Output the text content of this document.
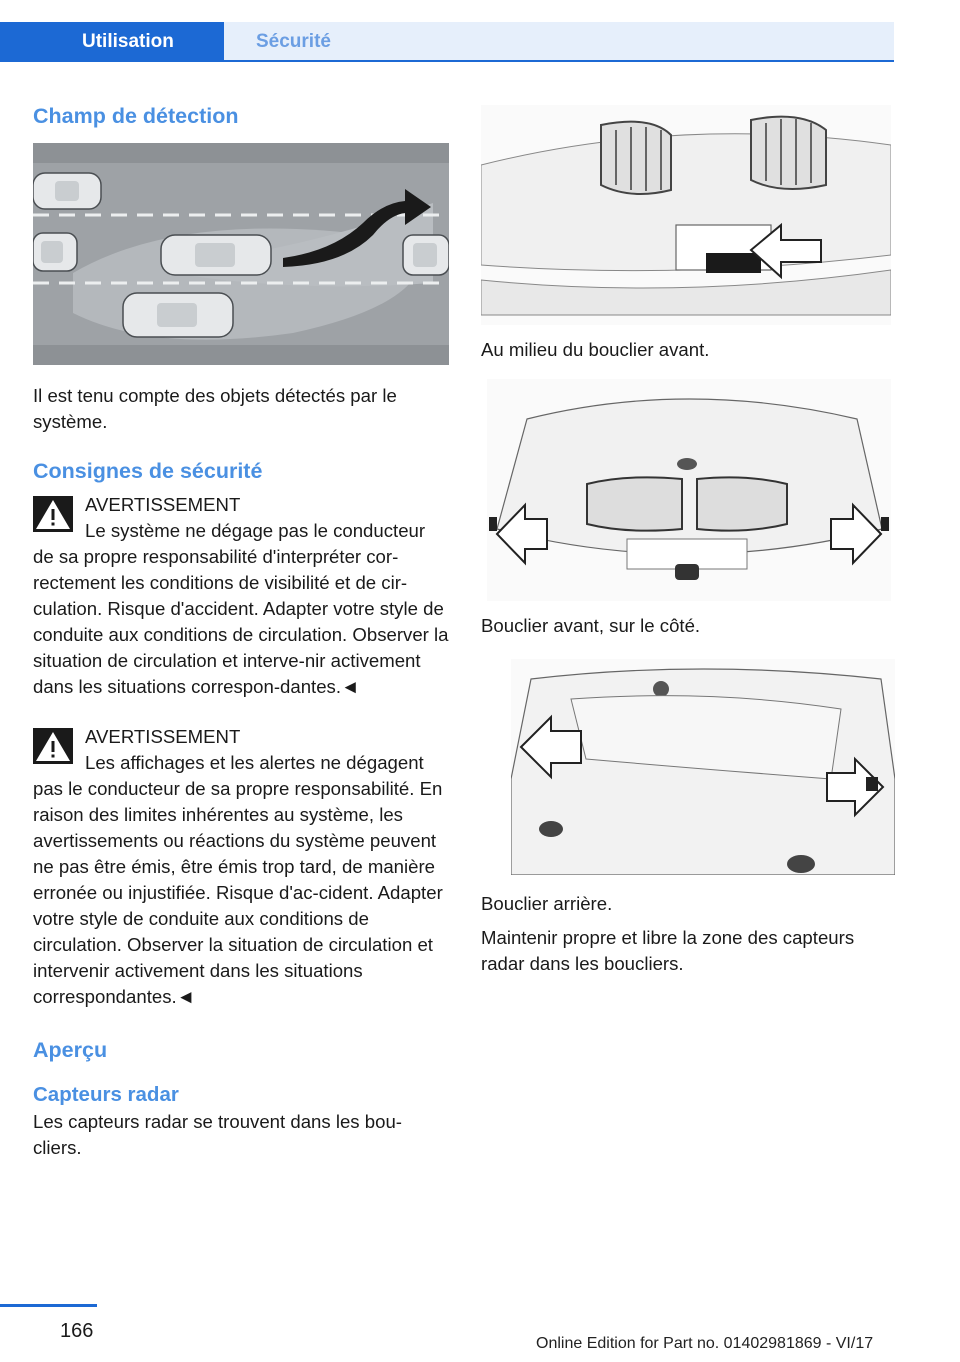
Utilisation	Sécurité
Champ de détection

Il est tenu compte des objets détectés par le système.

Consignes de sécurité
AVERTISSEMENT

Le système ne dégage pas le conducteur de sa propre responsabilité d'interpréter cor-rectement les conditions de visibilité et de cir-culation. Risque d'accident. Adapter votre style de conduite aux conditions de circulation. Observer la situation de circulation et interve-nir activement dans les situations correspon-dantes.◄

AVERTISSEMENT

Les affichages et les alertes ne dégagent pas le conducteur de sa propre responsabilité. En raison des limites inhérentes au système, les avertissements ou réactions du système peuvent ne pas être émis, être émis trop tard, de manière erronée ou injustifiée. Risque d'ac-cident. Adapter votre style de conduite aux conditions de circulation. Observer la situation de circulation et intervenir activement dans les situations correspondantes.◄

Aperçu
Capteurs radar

Les capteurs radar se trouvent dans les bou-cliers.

Au milieu du bouclier avant.

Bouclier avant, sur le côté.

Bouclier arrière.

Maintenir propre et libre la zone des capteurs radar dans les boucliers.

166
Online Edition for Part no. 01402981869 - VI/17
